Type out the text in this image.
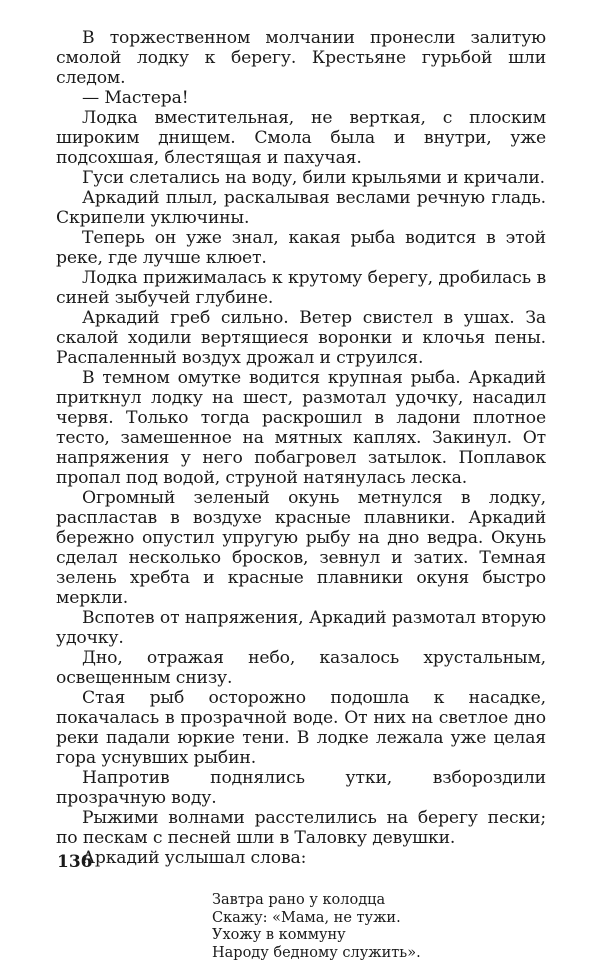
В торжественном молчании пронесли залитую смолой лодку к берегу. Крестьяне гурьбой шли следом.

— Мастера!

Лодка вместительная, не верткая, с плоским широким днищем. Смола была и внутри, уже подсохшая, блестящая и пахучая.

Гуси слетались на воду, били крыльями и кричали.

Аркадий плыл, раскалывая веслами речную гладь. Скрипели уключины.

Теперь он уже знал, какая рыба водится в этой реке, где лучше клюет.

Лодка прижималась к крутому берегу, дробилась в синей зыбучей глубине.

Аркадий греб сильно. Ветер свистел в ушах. За скалой ходили вертящиеся воронки и клочья пены. Распаленный воздух дрожал и струился.

В темном омутке водится крупная рыба. Аркадий приткнул лодку на шест, размотал удочку, насадил червя. Только тогда раскрошил в ладони плотное тесто, замешенное на мятных каплях. Закинул. От напряжения у него побагровел затылок. Поплавок пропал под водой, струной натянулась леска.

Огромный зеленый окунь метнулся в лодку, распластав в воздухе красные плавники. Аркадий бережно опустил упругую рыбу на дно ведра. Окунь сделал несколько бросков, зевнул и затих. Темная зелень хребта и красные плавники окуня быстро меркли.

Вспотев от напряжения, Аркадий размотал вторую удочку.

Дно, отражая небо, казалось хрустальным, освещенным снизу.

Стая рыб осторожно подошла к насадке, покачалась в прозрачной воде. От них на светлое дно реки падали юркие тени. В лодке лежала уже целая гора уснувших рыбин.

Напротив поднялись утки, взбороздили прозрачную воду.

Рыжими волнами расстелились на берегу пески; по пескам с песней шли в Таловку девушки.

Аркадий услышал слова:

Завтра рано у колодца
Скажу: «Мама, не тужи.
Ухожу в коммуну
Народу бедному служить».
136
